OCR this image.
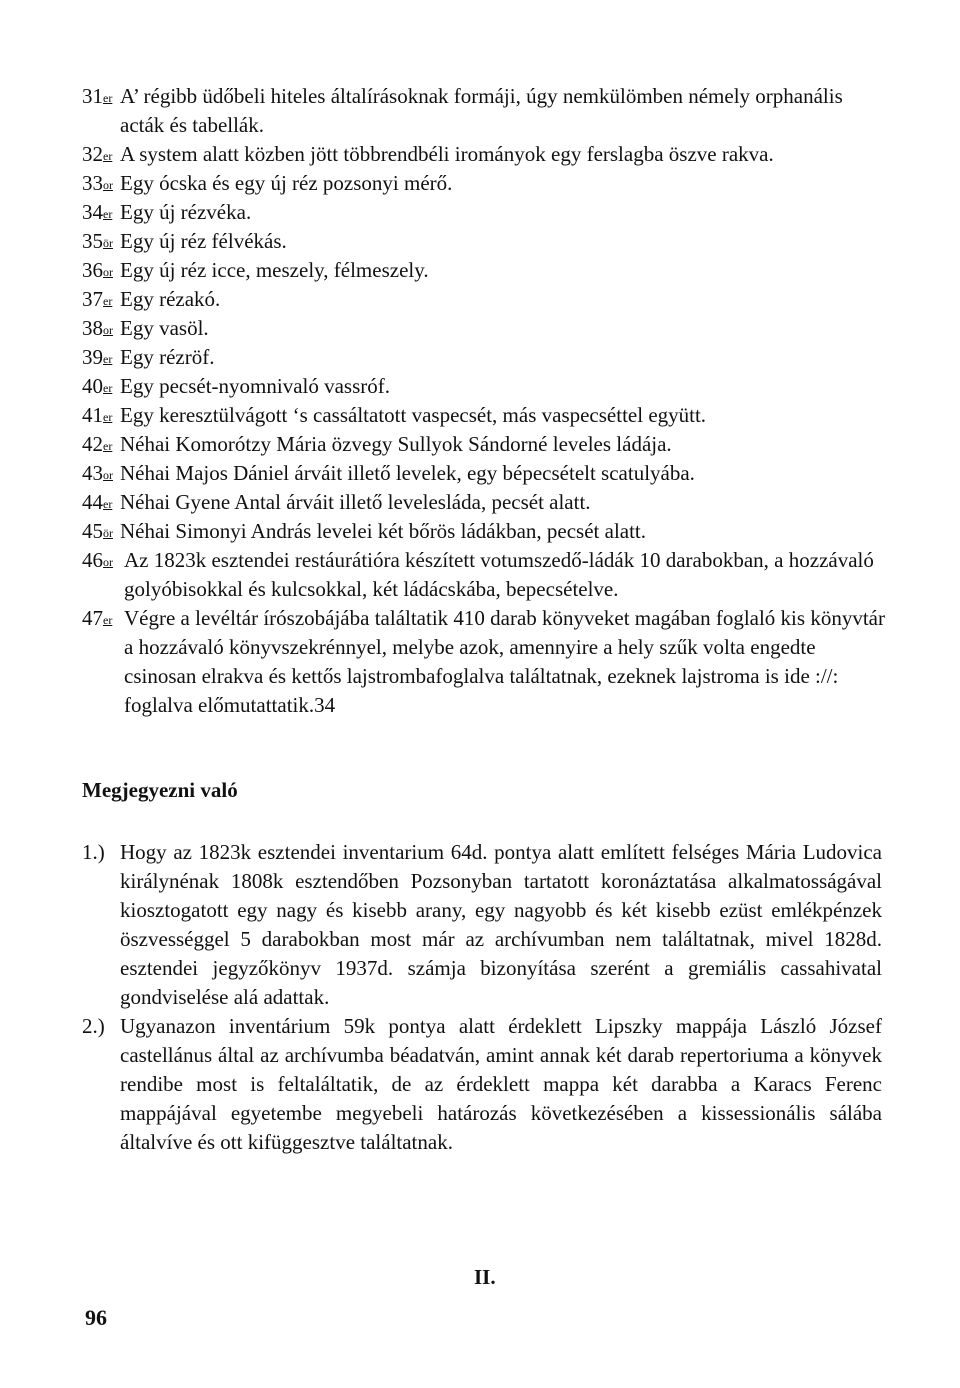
31er A’ régibb üdőbeli hiteles általírásoknak formáji, úgy nemkülömben némely orphanális acták és tabellák.
32er A system alatt közben jött többrendbéli irományok egy ferslagba öszve rakva.
$33^{or}$ Egy ócska és egy új réz pozsonyi mérő.
34er Egy új rézvéka.
$35^{ör}$ Egy új réz félvékás.
$36^{or}$ Egy új réz icce, meszely, félmeszely.
37er Egy rézakó.
$38^{or}$ Egy vasöl.
39er Egy rézröf.
40er Egy pecsét-nyomnivaló vassróf.
41er Egy keresztülvágott ‘s cassáltatott vaspecsét, más vaspecséttel együtt.
42er Néhai Komorótzy Mária özvegy Sullyok Sándorné leveles ládája.
$43^{or}$ Néhai Majos Dániel árváit illető levelek, egy bépecsételt scatulyába.
44er Néhai Gyene Antal árváit illető levelesláda, pecsét alatt.
$45^{ör}$ Néhai Simonyi András levelei két bőrös ládákban, pecsét alatt.
$46^{or}$ Az 1823k esztendei restáurátióra készített votumszedő-ládák 10 darabokban, a hozzávaló golyóbisokkal és kulcsokkal, két ládácskába, bepecsételve.
47er Végre a levéltár írószobájába találtatik 410 darab könyveket magában foglaló kis könyvtár a hozzávaló könyvszekrénnyel, melybe azok, amennyire a hely szűk volta engedte csinosan elrakva és kettős lajstrombafoglalva találtatnak, ezeknek lajstroma is ide ://: foglalva előmutattatik.34
Megjegyezni való
1.) Hogy az 1823k esztendei inventarium 64d. pontya alatt említett felséges Mária Ludovica királynénak 1808k esztendőben Pozsonyban tartatott koronáztatása alkalmatosságával kiosztogatott egy nagy és kisebb arany, egy nagyobb és két kisebb ezüst emlékpénzek öszvességgel 5 darabokban most már az archívumban nem találtatnak, mivel 1828d. esztendei jegyzőkönyv 1937d. számja bizonyítása szerént a gremiális cassahivatal gondviselése alá adattak.
2.) Ugyanazon inventárium 59k pontya alatt érdeklett Lipszky mappája László József castellánus által az archívumba béadatván, amint annak két darab repertoriuma a könyvek rendibe most is feltaláltatik, de az érdeklett mappa két darabba a Karacs Ferenc mappájával egyetembe megyebeli határozás következésében a kissessionális sálába általvíve és ott kifüggesztve találtatnak.
II.
96
